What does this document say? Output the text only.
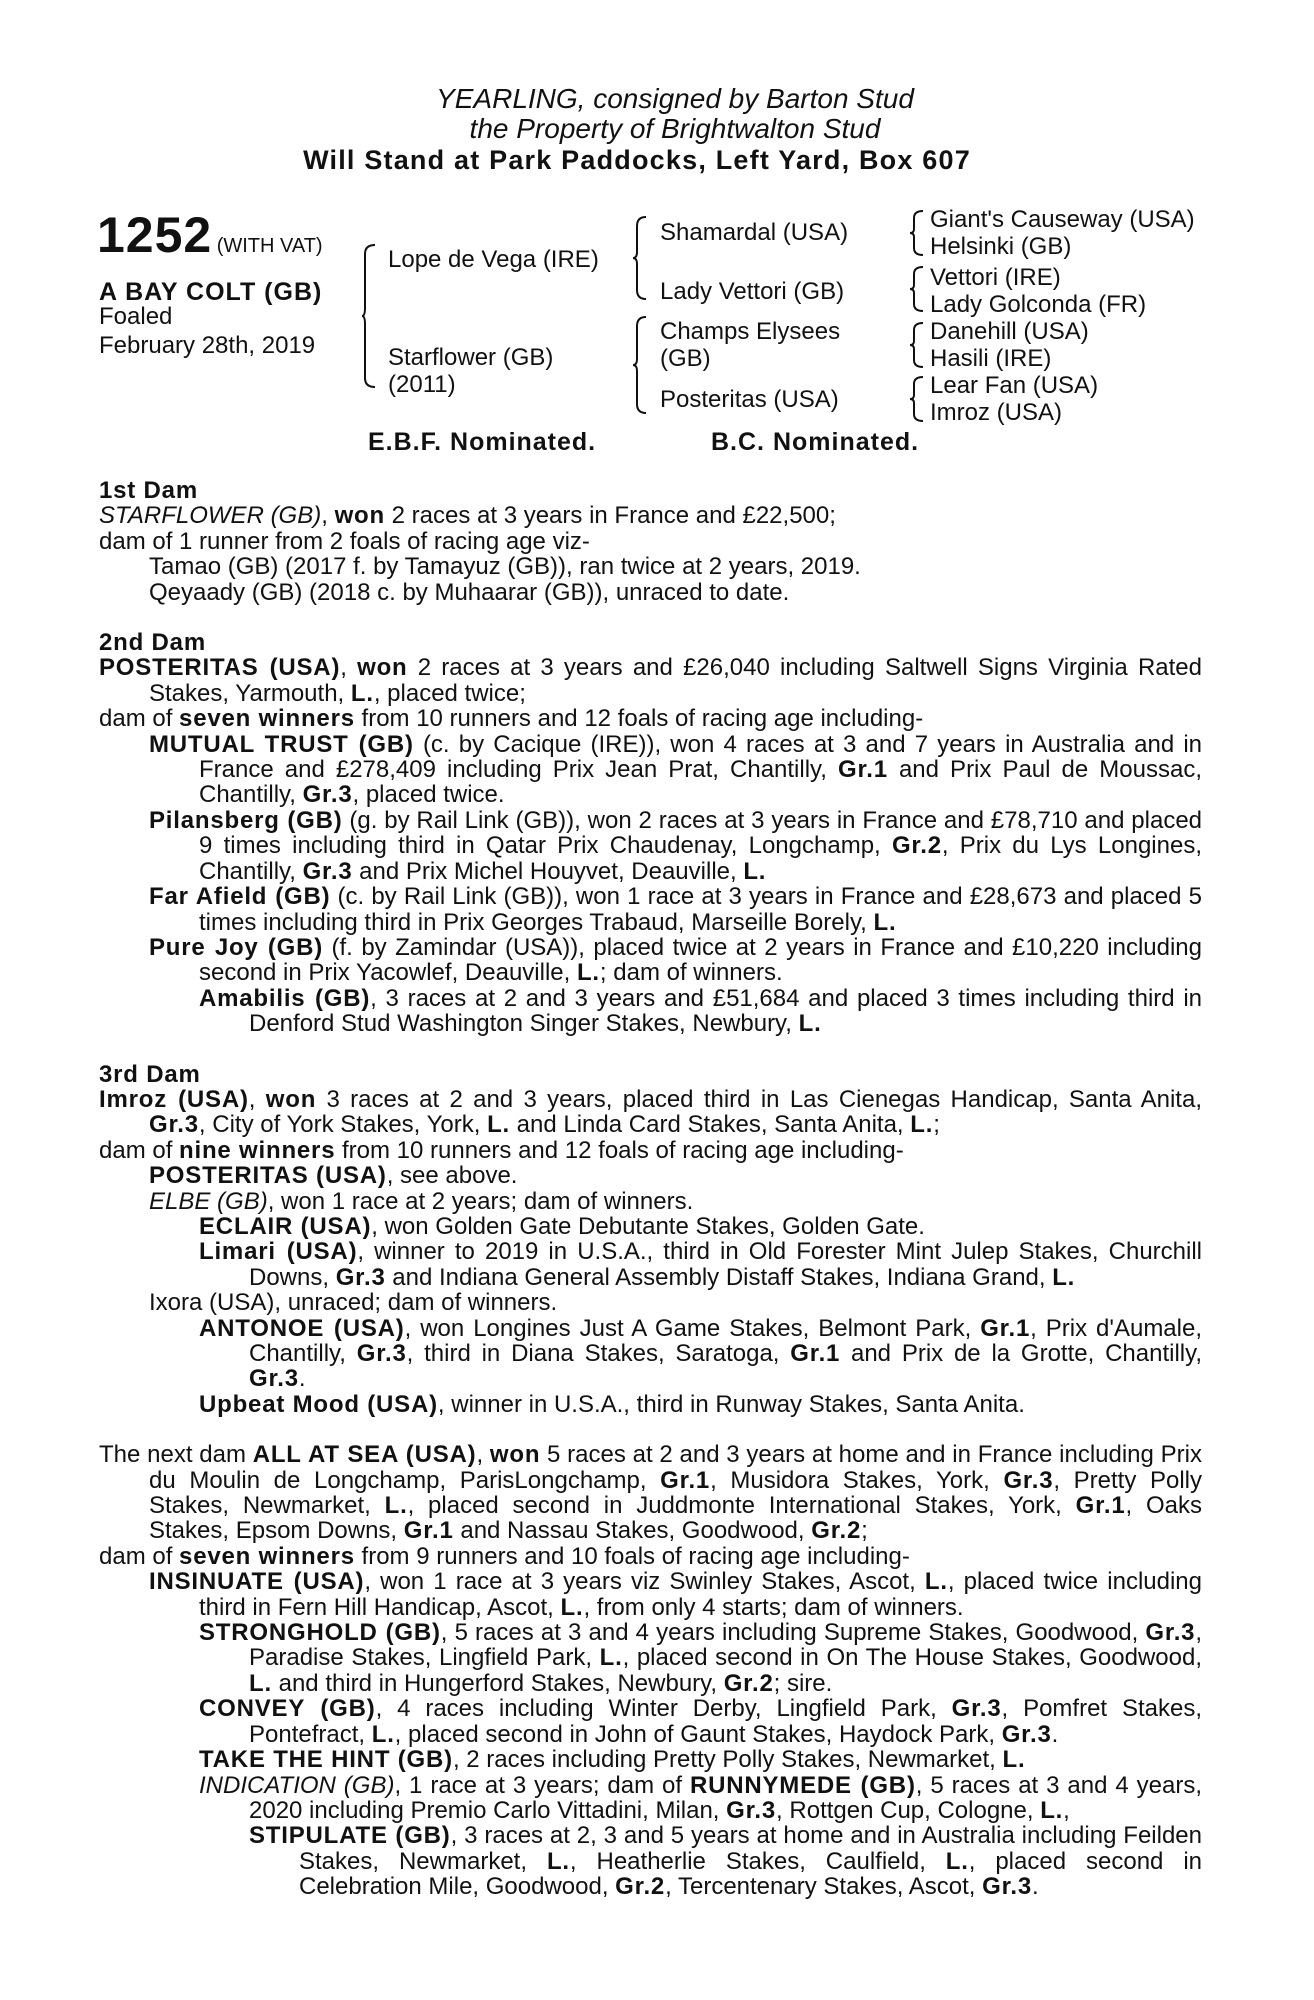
YEARLING, consigned by Barton Stud
the Property of Brightwalton Stud
Will Stand at Park Paddocks, Left Yard, Box 607
1252 (WITH VAT)
A BAY COLT (GB)
Foaled
February 28th, 2019
Lope de Vega (IRE)
Starflower (GB)
(2011)
Shamardal (USA)
Lady Vettori (GB)
Champs Elysees
(GB)
Posteritas (USA)
Giant's Causeway (USA)
Helsinki (GB)
Vettori (IRE)
Lady Golconda (FR)
Danehill (USA)
Hasili (IRE)
Lear Fan (USA)
Imroz (USA)
E.B.F. Nominated.	B.C. Nominated.
1st Dam
STARFLOWER (GB), won 2 races at 3 years in France and £22,500;
dam of 1 runner from 2 foals of racing age viz-
Tamao (GB) (2017 f. by Tamayuz (GB)), ran twice at 2 years, 2019.
Qeyaady (GB) (2018 c. by Muhaarar (GB)), unraced to date.
2nd Dam
POSTERITAS (USA), won 2 races at 3 years and £26,040 including Saltwell Signs Virginia Rated Stakes, Yarmouth, L., placed twice;
dam of seven winners from 10 runners and 12 foals of racing age including-
MUTUAL TRUST (GB) (c. by Cacique (IRE)), won 4 races at 3 and 7 years in Australia and in France and £278,409 including Prix Jean Prat, Chantilly, Gr.1 and Prix Paul de Moussac, Chantilly, Gr.3, placed twice.
Pilansberg (GB) (g. by Rail Link (GB)), won 2 races at 3 years in France and £78,710 and placed 9 times including third in Qatar Prix Chaudenay, Longchamp, Gr.2, Prix du Lys Longines, Chantilly, Gr.3 and Prix Michel Houyvet, Deauville, L.
Far Afield (GB) (c. by Rail Link (GB)), won 1 race at 3 years in France and £28,673 and placed 5 times including third in Prix Georges Trabaud, Marseille Borely, L.
Pure Joy (GB) (f. by Zamindar (USA)), placed twice at 2 years in France and £10,220 including second in Prix Yacowlef, Deauville, L.; dam of winners.
Amabilis (GB), 3 races at 2 and 3 years and £51,684 and placed 3 times including third in Denford Stud Washington Singer Stakes, Newbury, L.
3rd Dam
Imroz (USA), won 3 races at 2 and 3 years, placed third in Las Cienegas Handicap, Santa Anita, Gr.3, City of York Stakes, York, L. and Linda Card Stakes, Santa Anita, L.;
dam of nine winners from 10 runners and 12 foals of racing age including-
POSTERITAS (USA), see above.
ELBE (GB), won 1 race at 2 years; dam of winners.
ECLAIR (USA), won Golden Gate Debutante Stakes, Golden Gate.
Limari (USA), winner to 2019 in U.S.A., third in Old Forester Mint Julep Stakes, Churchill Downs, Gr.3 and Indiana General Assembly Distaff Stakes, Indiana Grand, L.
Ixora (USA), unraced; dam of winners.
ANTONOE (USA), won Longines Just A Game Stakes, Belmont Park, Gr.1, Prix d'Aumale, Chantilly, Gr.3, third in Diana Stakes, Saratoga, Gr.1 and Prix de la Grotte, Chantilly, Gr.3.
Upbeat Mood (USA), winner in U.S.A., third in Runway Stakes, Santa Anita.
The next dam ALL AT SEA (USA), won 5 races at 2 and 3 years at home and in France including Prix du Moulin de Longchamp, ParisLongchamp, Gr.1, Musidora Stakes, York, Gr.3, Pretty Polly Stakes, Newmarket, L., placed second in Juddmonte International Stakes, York, Gr.1, Oaks Stakes, Epsom Downs, Gr.1 and Nassau Stakes, Goodwood, Gr.2;
dam of seven winners from 9 runners and 10 foals of racing age including-
INSINUATE (USA), won 1 race at 3 years viz Swinley Stakes, Ascot, L., placed twice including third in Fern Hill Handicap, Ascot, L., from only 4 starts; dam of winners.
STRONGHOLD (GB), 5 races at 3 and 4 years including Supreme Stakes, Goodwood, Gr.3, Paradise Stakes, Lingfield Park, L., placed second in On The House Stakes, Goodwood, L. and third in Hungerford Stakes, Newbury, Gr.2; sire.
CONVEY (GB), 4 races including Winter Derby, Lingfield Park, Gr.3, Pomfret Stakes, Pontefract, L., placed second in John of Gaunt Stakes, Haydock Park, Gr.3.
TAKE THE HINT (GB), 2 races including Pretty Polly Stakes, Newmarket, L.
INDICATION (GB), 1 race at 3 years; dam of RUNNYMEDE (GB), 5 races at 3 and 4 years, 2020 including Premio Carlo Vittadini, Milan, Gr.3, Rottgen Cup, Cologne, L.,
STIPULATE (GB), 3 races at 2, 3 and 5 years at home and in Australia including Feilden Stakes, Newmarket, L., Heatherlie Stakes, Caulfield, L., placed second in Celebration Mile, Goodwood, Gr.2, Tercentenary Stakes, Ascot, Gr.3.
